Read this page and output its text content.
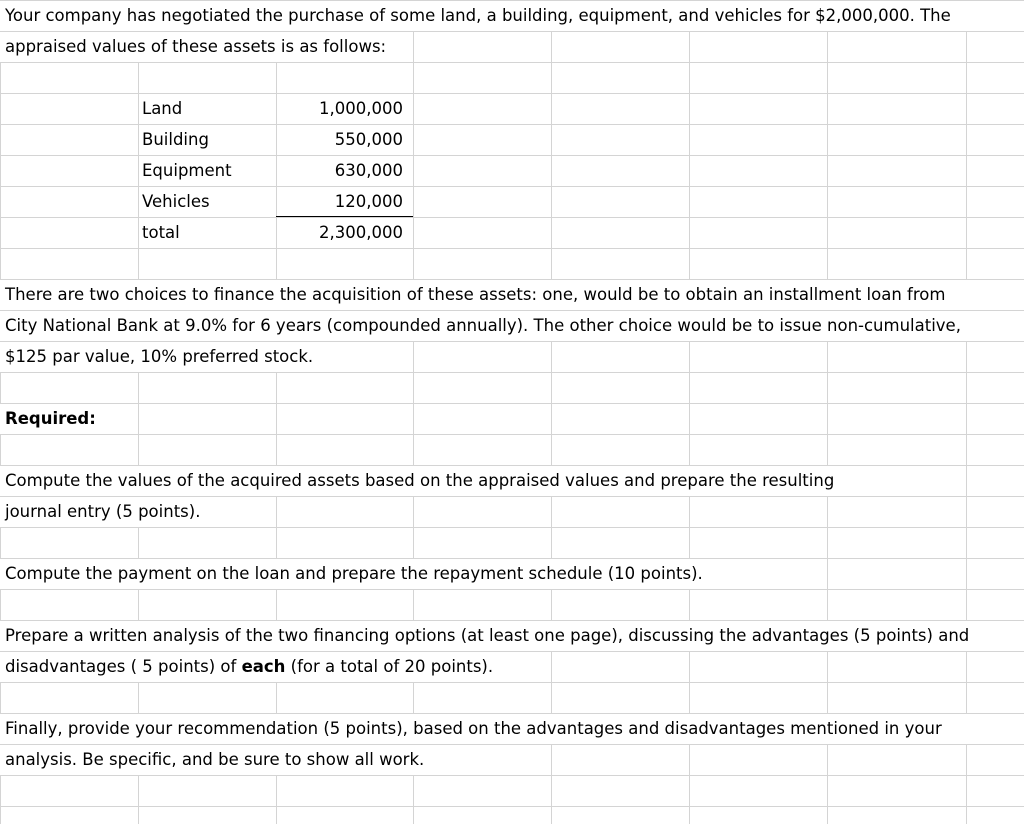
Your company has negotiated the purchase of some land, a building, equipment, and vehicles for $2,000,000. The
appraised values of these assets is as follows:
Land
Building
Equipment
Vehicles
total
1,000,000
550,000
630,000
120,000
2,300,000
There are two choices to finance the acquisition of these assets: one, would be to obtain an installment loan from
City National Bank at 9.0% for 6 years (compounded annually). The other choice would be to issue non-cumulative,
$125 par value, 10% preferred stock.
Required:
Compute the values of the acquired assets based on the appraised values and prepare the resulting
journal entry (5 points).
Compute the payment on the loan and prepare the repayment schedule (10 points).
Prepare a written analysis of the two financing options (at least one page), discussing the advantages (5 points) and
disadvantages ( 5 points) of each (for a total of 20 points).
Finally, provide your recommendation (5 points), based on the advantages and disadvantages mentioned in your
analysis. Be specific, and be sure to show all work.
